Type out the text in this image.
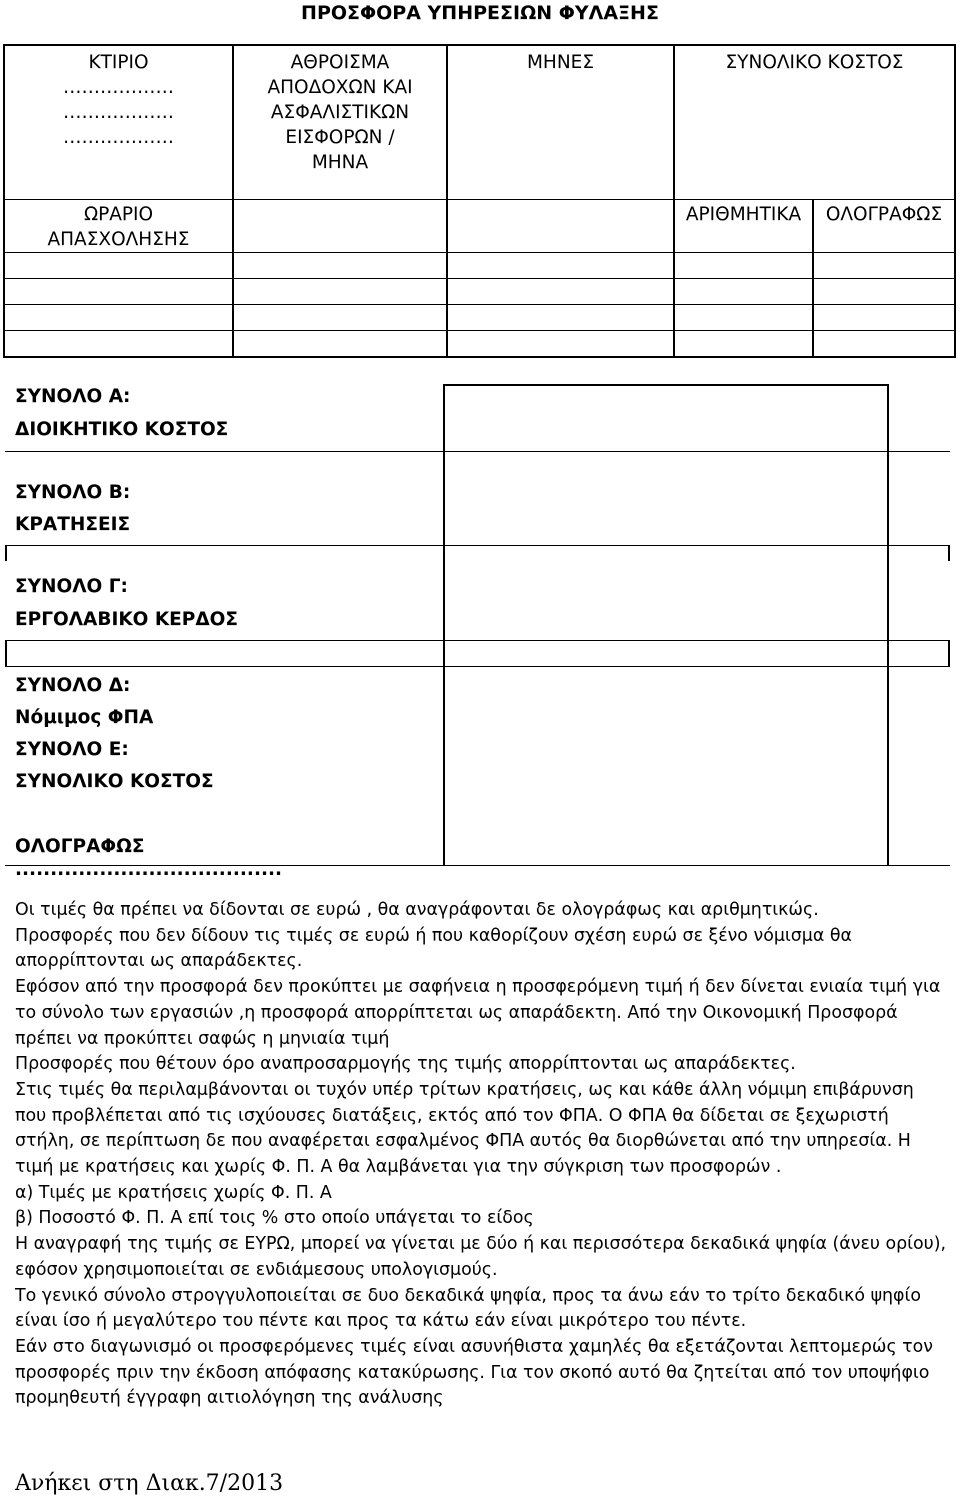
ΠΡΟΣΦΟΡΑ ΥΠΗΡΕΣΙΩΝ ΦΥΛΑΞΗΣ
ΚΤΙΡΙΟ
………………
………………
………………
ΑΘΡΟΙΣΜΑ
ΑΠΟΔΟΧΩΝ ΚΑΙ
ΑΣΦΑΛΙΣΤΙΚΩΝ
ΕΙΣΦΟΡΩΝ /
ΜΗΝΑ
ΜΗΝΕΣ	ΣΥΝΟΛΙΚΟ ΚΟΣΤΟΣ
ΩΡΑΡΙΟ
ΑΠΑΣΧΟΛΗΣΗΣ
ΑΡΙΘΜΗΤΙΚΑ	ΟΛΟΓΡΑΦΩΣ
ΣΥΝΟΛΟ Α:
ΔΙΟΙΚΗΤΙΚΟ ΚΟΣΤΟΣ
ΣΥΝΟΛΟ Β:
ΚΡΑΤΗΣΕΙΣ
ΣΥΝΟΛΟ Γ:
ΕΡΓΟΛΑΒΙΚΟ ΚΕΡΔΟΣ
ΣΥΝΟΛΟ Δ:
Νόμιμος ΦΠΑ
ΣΥΝΟΛΟ Ε:
ΣΥΝΟΛΙΚΟ ΚΟΣΤΟΣ
ΟΛΟΓΡΑΦΩΣ
......................................

Οι τιμές θα πρέπει να δίδονται σε ευρώ , θα αναγράφονται δε ολογράφως και αριθμητικώς.

Προσφορές που δεν δίδουν τις τιμές σε ευρώ ή που καθορίζουν σχέση ευρώ σε ξένο νόμισμα θα απορρίπτονται ως απαράδεκτες.

Εφόσον από την προσφορά δεν προκύπτει με σαφήνεια η προσφερόμενη τιμή ή δεν δίνεται ενιαία τιμή για το σύνολο των εργασιών ,η προσφορά απορρίπτεται ως απαράδεκτη. Από την Οικονομική Προσφορά πρέπει να προκύπτει σαφώς η μηνιαία τιμή

Προσφορές που θέτουν όρο αναπροσαρμογής της τιμής απορρίπτονται ως απαράδεκτες.

Στις τιμές θα περιλαμβάνονται οι τυχόν υπέρ τρίτων κρατήσεις, ως και κάθε άλλη νόμιμη επιβάρυνση που προβλέπεται από τις ισχύουσες διατάξεις, εκτός από τον ΦΠΑ. Ο ΦΠΑ θα δίδεται σε ξεχωριστή στήλη, σε περίπτωση δε που αναφέρεται εσφαλμένος ΦΠΑ αυτός θα διορθώνεται από την υπηρεσία. Η τιμή με κρατήσεις και χωρίς Φ. Π. Α θα λαμβάνεται για την σύγκριση των προσφορών .

α) Τιμές με κρατήσεις χωρίς Φ. Π. Α

β) Ποσοστό Φ. Π. Α επί τοις % στο οποίο υπάγεται το είδος

Η αναγραφή της τιμής σε ΕΥΡΩ, μπορεί να γίνεται με δύο ή και περισσότερα δεκαδικά ψηφία (άνευ ορίου), εφόσον χρησιμοποιείται σε ενδιάμεσους υπολογισμούς.

Το γενικό σύνολο στρογγυλοποιείται σε δυο δεκαδικά ψηφία, προς τα άνω εάν το τρίτο δεκαδικό ψηφίο είναι ίσο ή μεγαλύτερο του πέντε και προς τα κάτω εάν είναι μικρότερο του πέντε.

Εάν στο διαγωνισμό οι προσφερόμενες τιμές είναι ασυνήθιστα χαμηλές θα εξετάζονται λεπτομερώς τον προσφορές πριν την έκδοση απόφασης κατακύρωσης. Για τον σκοπό αυτό θα ζητείται από τον υποψήφιο προμηθευτή έγγραφη αιτιολόγηση της ανάλυσης

Ανήκει στη Διακ.7/2013
